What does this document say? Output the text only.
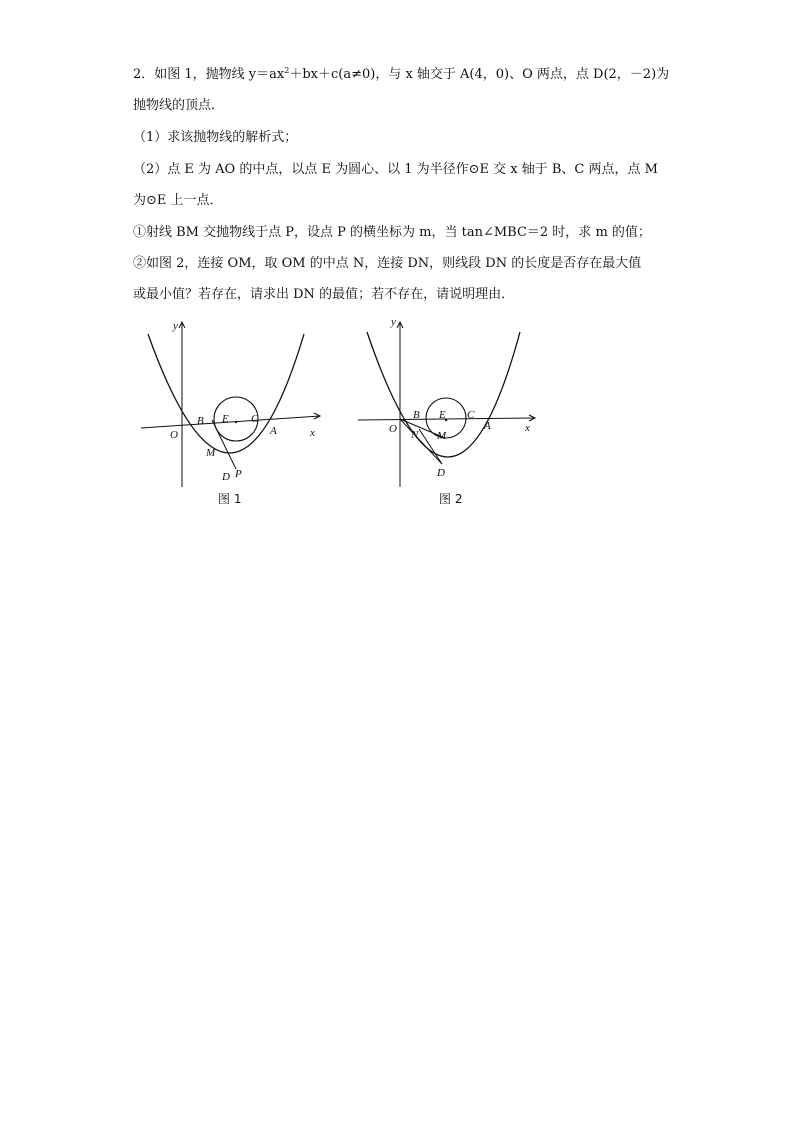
2．如图 1，抛物线 $y=ax^2+bx+c(a\ne 0)$，与 x 轴交于 A(4，0)、O 两点，点 D(2，－2)为
抛物线的顶点．
（1）求该抛物线的解析式；
（2）点 E 为 AO 的中点，以点 E 为圆心、以 1 为半径作⊙E 交 x 轴于 B、C 两点，点 M
为⊙E 上一点．
①射线 BM 交抛物线于点 P，设点 P 的横坐标为 m，当 tan∠MBC＝2 时，求 m 的值；
②如图 2，连接 OM，取 OM 的中点 N，连接 DN，则线段 DN 的长度是否存在最大值
或最小值？若存在，请求出 DN 的最值；若不存在，请说明理由．
y
x
O
B E C
A
M
D P
图 1
y
x
O
B E C
A
N M
D
图 2
